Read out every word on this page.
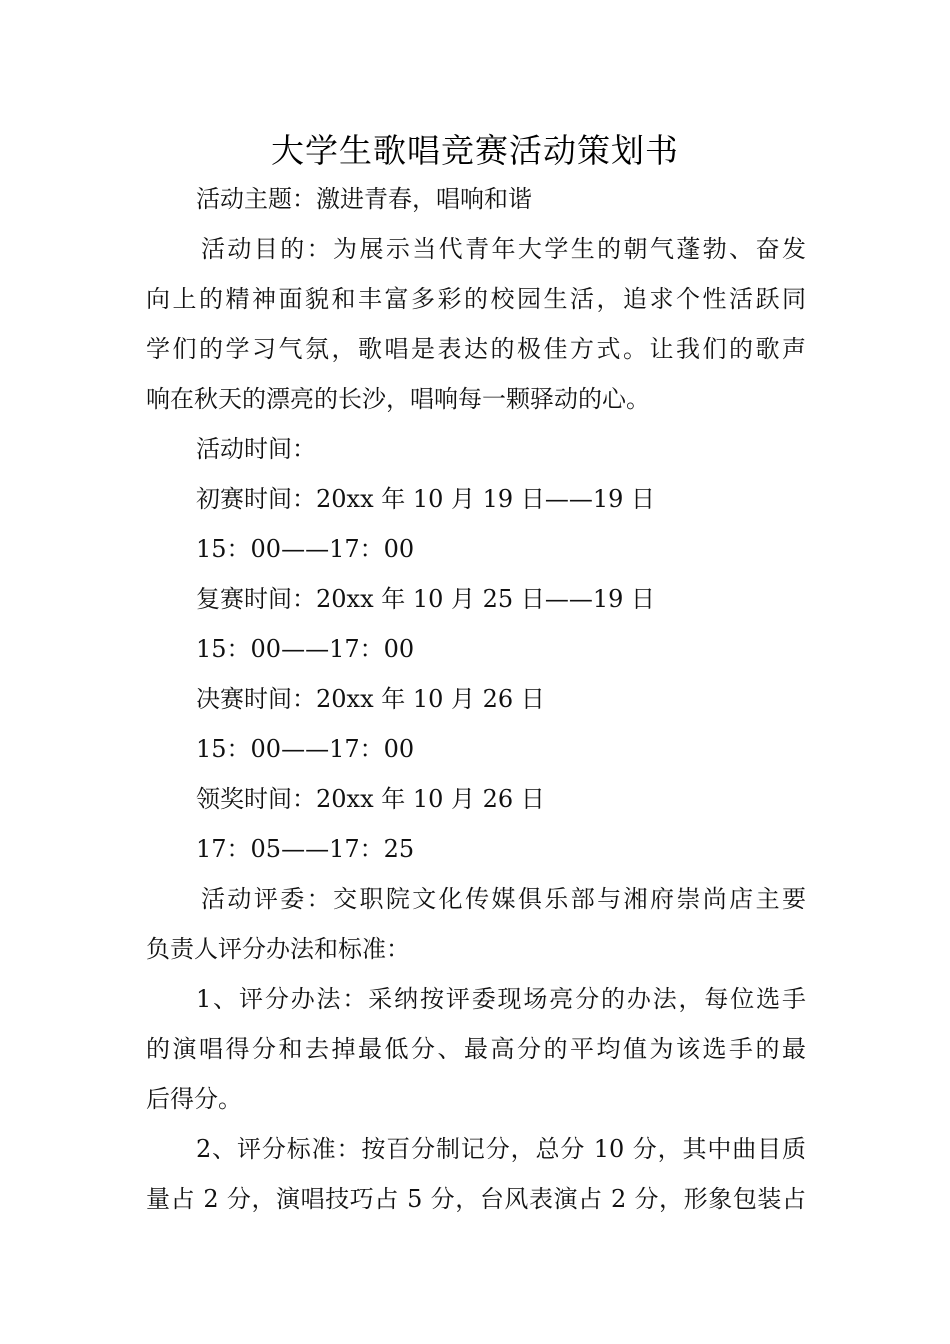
大学生歌唱竞赛活动策划书
活动主题：激进青春，唱响和谐
活动目的：为展示当代青年大学生的朝气蓬勃、奋发
向上的精神面貌和丰富多彩的校园生活，追求个性活跃同
学们的学习气氛，歌唱是表达的极佳方式。让我们的歌声
响在秋天的漂亮的长沙，唱响每一颗驿动的心。
活动时间：
初赛时间：20xx 年 10 月 19 日——19 日
15：00——17：00
复赛时间：20xx 年 10 月 25 日——19 日
15：00——17：00
决赛时间：20xx 年 10 月 26 日
15：00——17：00
领奖时间：20xx 年 10 月 26 日
17：05——17：25
活动评委：交职院文化传媒俱乐部与湘府崇尚店主要
负责人评分办法和标准：
1、评分办法：采纳按评委现场亮分的办法，每位选手
的演唱得分和去掉最低分、最高分的平均值为该选手的最
后得分。
2、评分标准：按百分制记分，总分 10 分，其中曲目质
量占 2 分，演唱技巧占 5 分，台风表演占 2 分，形象包装占
